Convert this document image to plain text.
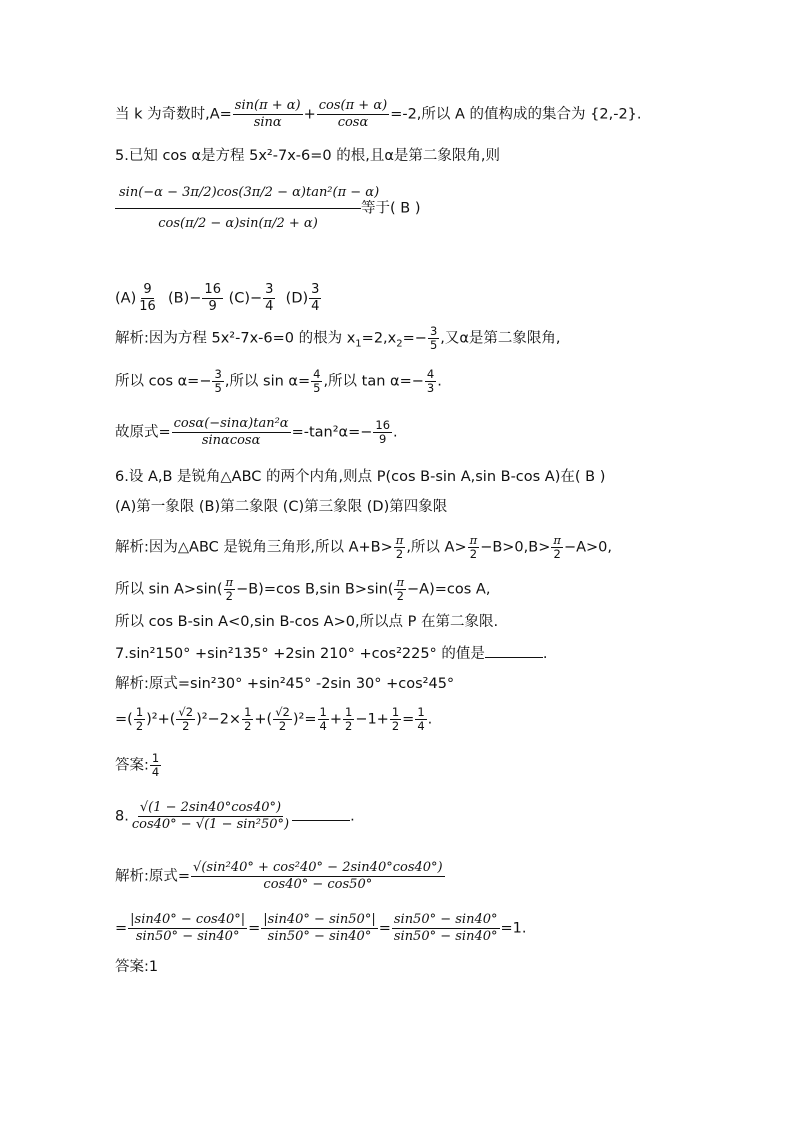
当 k 为奇数时$,A= \frac{\sin(\pi + \alpha)}{\sin\alpha} + \frac{\cos(\pi + \alpha)}{\cos\alpha} =-2$,所以 A 的值构成的集合为 {2,-2}.
5.已知 cos α是方程 5x²-7x-6=0 的根,且α是第二象限角,则
$\frac{\text{sin(−α − 3π/2)cos(3π/2 − α)tan²(π − α)}}{\cos(\pi/2 - \alpha)\sin(\pi/2 + \alpha)}$ 等于( B )
$(A) \frac{9}{16} (B)- \frac{16}{9} (C)- \frac{3}{4} (D) \frac{3}{4}$
解析:因为方程 5x²-7x-6=0 的根为 $x_1=2,x_2=- \frac{3}{5}$ ,又α是第二象限角,
所以 $\cos \alpha=- \frac{3}{5}$ ,所以 $\sin \alpha= \frac{4}{5}$ ,所以 $\tan \alpha=- \frac{4}{3}$ .
故原式= $\frac{\text{cosα(−sinα)tan²α}}{\sin\alpha\cos\alpha} =-\tan^2\alpha=- \frac{16}{9}$ .
6.设 A,B 是锐角△ABC 的两个内角,则点 P(cos B-sin A,sin B-cos A)在( B )
(A)第一象限 (B)第二象限 (C)第三象限 (D)第四象限
解析:因为△ABC 是锐角三角形,所以 $A+B> \frac{\pi}{2}$ ,所以 $A> \frac{\pi}{2} -B>0,B> \frac{\pi}{2} -A>0$,
所以 $\sin A>\sin( \frac{\pi}{2} -B)=\cos$ B,sin $B>\sin( \frac{\pi}{2} -A)=\cos$ A,
所以 cos B-sin A<0,sin B-cos A>0,所以点 P 在第二象限.
7.sin²150° +sin²135° +2sin 210° +cos²225° 的值是	.
解析:原式=sin²30° +sin²45° -2sin 30° +cos²45°
=( $\frac{1}{2} )^2+( \frac{√2}{2} )^2-2\times \frac{1}{2}$ +( $\frac{√2}{2} )^2= \frac{1}{4} + \frac{1}{2} -1+ \frac{1}{2} = \frac{1}{4}$ .
答案: $\frac{1}{4}$
8. $\frac{√(1 - 2\sin 40^\circ\cos 40^\circ)}{\text{cos40° − √(1 − sin²50°)}}$	.
解析:原式= $\frac{\text{√(sin²40° + cos²40° − 2sin40°cos40°)}}{\cos 40^\circ - \cos 50^\circ}$
= $\frac{|\sin 40^\circ - \cos 40^\circ|}{\sin 50^\circ - \sin 40^\circ} = \frac{|\sin 40^\circ - \sin 50^\circ|}{\sin 50^\circ - \sin 40^\circ} = \frac{\sin 50^\circ - \sin 40^\circ}{\sin 50^\circ - \sin 40^\circ} =1$.
答案:1
